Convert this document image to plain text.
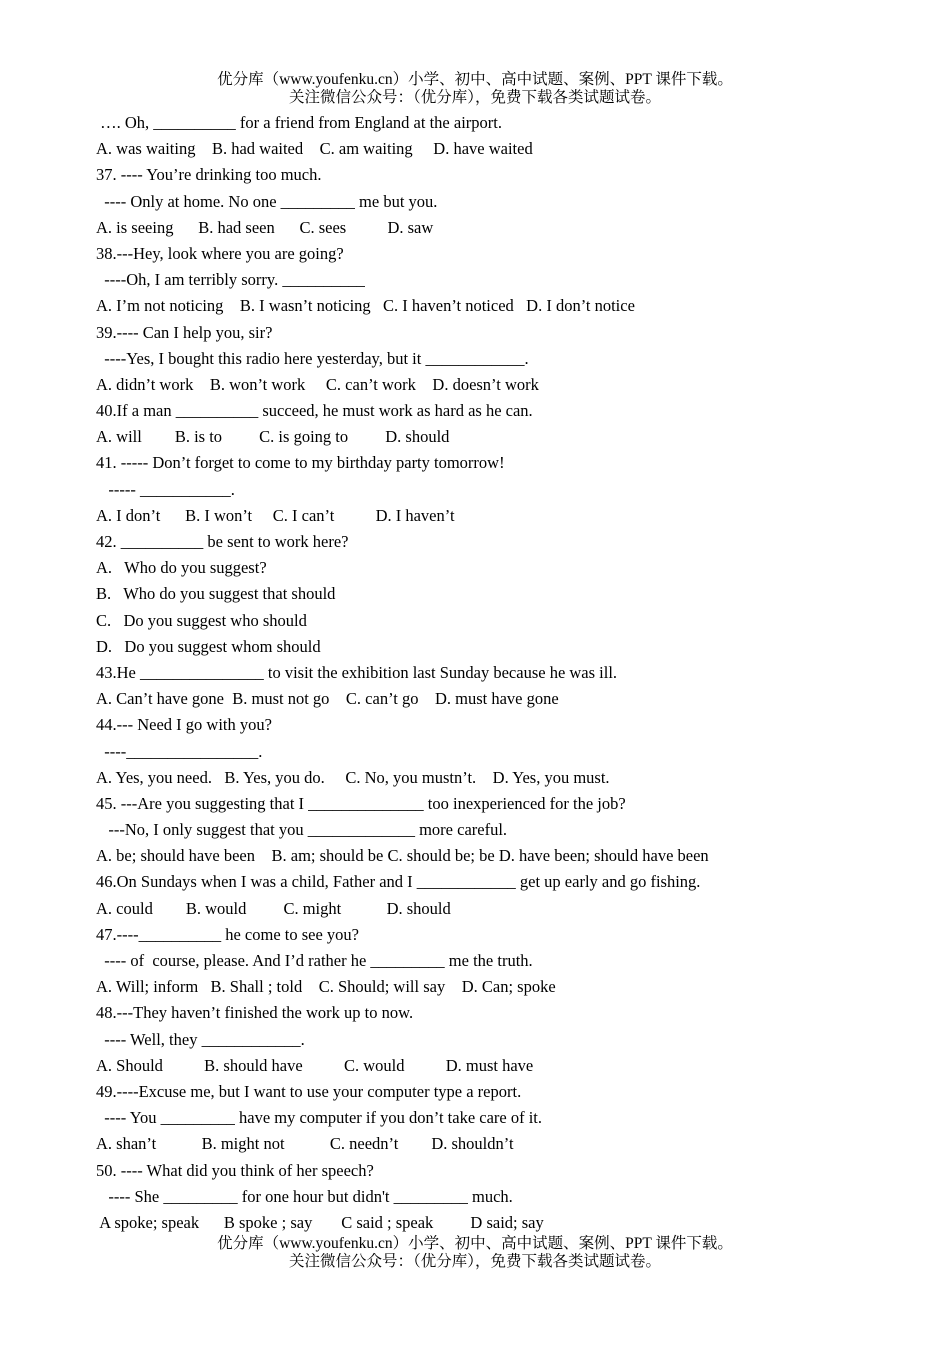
优分库（www.youfenku.cn）小学、初中、高中试题、案例、PPT 课件下载。
关注微信公众号：（优分库），免费下载各类试题试卷。
…. Oh, __________ for a friend from England at the airport.
A. was waiting    B. had waited    C. am waiting     D. have waited
37. ---- You’re drinking too much.
---- Only at home. No one _________ me but you.
A. is seeing      B. had seen      C. sees          D. saw
38.---Hey, look where you are going?
----Oh, I am terribly sorry. __________
A. I’m not noticing    B. I wasn’t noticing   C. I haven’t noticed   D. I don’t notice
39.---- Can I help you, sir?
----Yes, I bought this radio here yesterday, but it ____________.
A. didn’t work    B. won’t work     C. can’t work    D. doesn’t work
40.If a man __________ succeed, he must work as hard as he can.
A. will        B. is to         C. is going to         D. should
41. ----- Don’t forget to come to my birthday party tomorrow!
----- ___________.
A. I don’t      B. I won’t     C. I can’t          D. I haven’t
42. __________ be sent to work here?
A.   Who do you suggest?
B.   Who do you suggest that should
C.   Do you suggest who should
D.   Do you suggest whom should
43.He _______________ to visit the exhibition last Sunday because he was ill.
A. Can’t have gone  B. must not go    C. can’t go    D. must have gone
44.--- Need I go with you?
----________________.
A. Yes, you need.   B. Yes, you do.     C. No, you mustn’t.    D. Yes, you must.
45. ---Are you suggesting that I ______________ too inexperienced for the job?
---No, I only suggest that you _____________ more careful.
A. be; should have been    B. am; should be C. should be; be D. have been; should have been
46.On Sundays when I was a child, Father and I ____________ get up early and go fishing.
A. could        B. would         C. might           D. should
47.----__________ he come to see you?
---- of  course, please. And I’d rather he _________ me the truth.
A. Will; inform   B. Shall ; told    C. Should; will say    D. Can; spoke
48.---They haven’t finished the work up to now.
---- Well, they ____________.
A. Should          B. should have          C. would          D. must have
49.----Excuse me, but I want to use your computer type a report.
---- You _________ have my computer if you don’t take care of it.
A. shan’t           B. might not           C. needn’t        D. shouldn’t
50. ---- What did you think of her speech?
---- She _________ for one hour but didn't _________ much.
A spoke; speak      B spoke ; say       C said ; speak         D said; say
优分库（www.youfenku.cn）小学、初中、高中试题、案例、PPT 课件下载。
关注微信公众号：（优分库），免费下载各类试题试卷。
